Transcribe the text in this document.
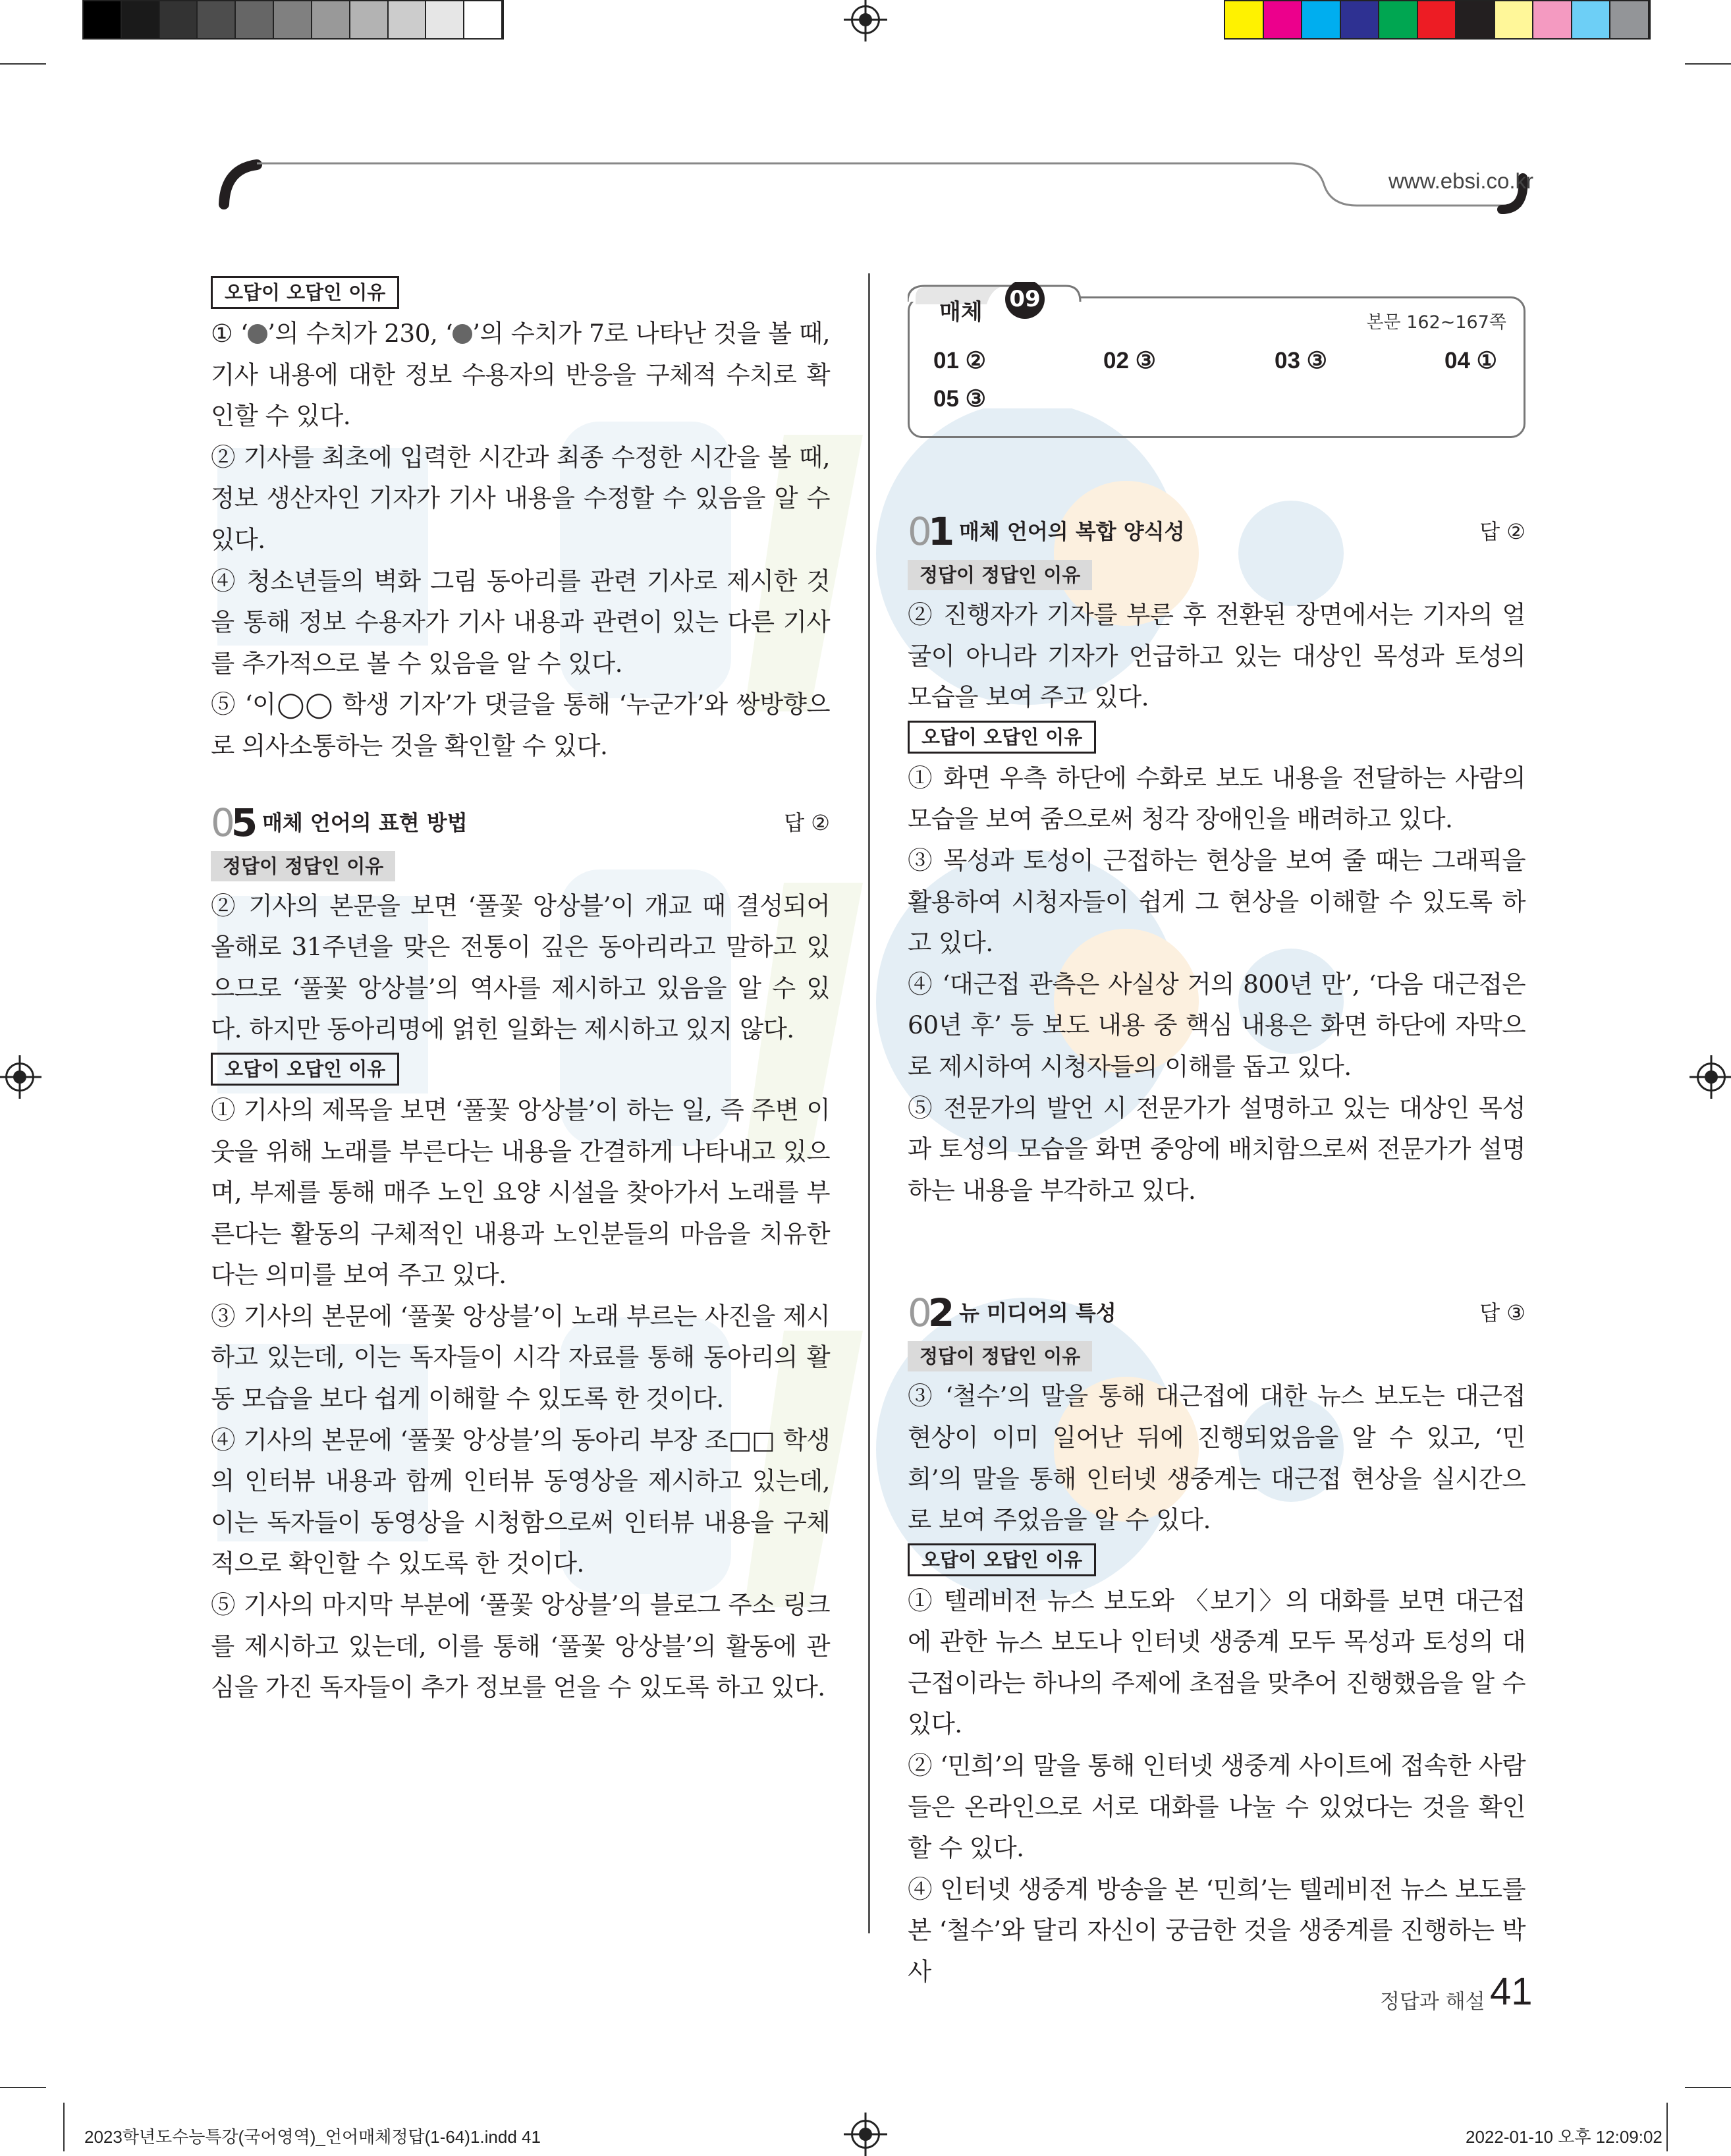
www.ebsi.co.kr
오답이 오답인 이유

① ‘ ’의 수치가 230, ‘ ’의 수치가 7로 나타난 것을 볼 때, 기사 내용에 대한 정보 수용자의 반응을 구체적 수치로 확인할 수 있다.

② 기사를 최초에 입력한 시간과 최종 수정한 시간을 볼 때, 정보 생산자인 기자가 기사 내용을 수정할 수 있음을 알 수 있다.

④ 청소년들의 벽화 그림 동아리를 관련 기사로 제시한 것을 통해 정보 수용자가 기사 내용과 관련이 있는 다른 기사를 추가적으로 볼 수 있음을 알 수 있다.

⑤ ‘이◯◯ 학생 기자’가 댓글을 통해 ‘누군가’와 쌍방향으로 의사소통하는 것을 확인할 수 있다.

05 매체 언어의 표현 방법	답 ②
정답이 정답인 이유

② 기사의 본문을 보면 ‘풀꽃 앙상블’이 개교 때 결성되어 올해로 31주년을 맞은 전통이 깊은 동아리라고 말하고 있으므로 ‘풀꽃 앙상블’의 역사를 제시하고 있음을 알 수 있다. 하지만 동아리명에 얽힌 일화는 제시하고 있지 않다.

오답이 오답인 이유

① 기사의 제목을 보면 ‘풀꽃 앙상블’이 하는 일, 즉 주변 이웃을 위해 노래를 부른다는 내용을 간결하게 나타내고 있으며, 부제를 통해 매주 노인 요양 시설을 찾아가서 노래를 부른다는 활동의 구체적인 내용과 노인분들의 마음을 치유한다는 의미를 보여 주고 있다.

③ 기사의 본문에 ‘풀꽃 앙상블’이 노래 부르는 사진을 제시하고 있는데, 이는 독자들이 시각 자료를 통해 동아리의 활동 모습을 보다 쉽게 이해할 수 있도록 한 것이다.

④ 기사의 본문에 ‘풀꽃 앙상블’의 동아리 부장 조□□ 학생의 인터뷰 내용과 함께 인터뷰 동영상을 제시하고 있는데, 이는 독자들이 동영상을 시청함으로써 인터뷰 내용을 구체적으로 확인할 수 있도록 한 것이다.

⑤ 기사의 마지막 부분에 ‘풀꽃 앙상블’의 블로그 주소 링크를 제시하고 있는데, 이를 통해 ‘풀꽃 앙상블’의 활동에 관심을 가진 독자들이 추가 정보를 얻을 수 있도록 하고 있다.

01 ②	02 ③	03 ③	04 ①
05 ③
본문 162~167쪽
매체 09
01 매체 언어의 복합 양식성	답 ②
정답이 정답인 이유

② 진행자가 기자를 부른 후 전환된 장면에서는 기자의 얼굴이 아니라 기자가 언급하고 있는 대상인 목성과 토성의 모습을 보여 주고 있다.

오답이 오답인 이유

① 화면 우측 하단에 수화로 보도 내용을 전달하는 사람의 모습을 보여 줌으로써 청각 장애인을 배려하고 있다.

③ 목성과 토성이 근접하는 현상을 보여 줄 때는 그래픽을 활용하여 시청자들이 쉽게 그 현상을 이해할 수 있도록 하고 있다.

④ ‘대근접 관측은 사실상 거의 800년 만’, ‘다음 대근접은 60년 후’ 등 보도 내용 중 핵심 내용은 화면 하단에 자막으로 제시하여 시청자들의 이해를 돕고 있다.

⑤ 전문가의 발언 시 전문가가 설명하고 있는 대상인 목성과 토성의 모습을 화면 중앙에 배치함으로써 전문가가 설명하는 내용을 부각하고 있다.

02 뉴 미디어의 특성	답 ③
정답이 정답인 이유

③ ‘철수’의 말을 통해 대근접에 대한 뉴스 보도는 대근접 현상이 이미 일어난 뒤에 진행되었음을 알 수 있고, ‘민희’의 말을 통해 인터넷 생중계는 대근접 현상을 실시간으로 보여 주었음을 알 수 있다.

오답이 오답인 이유

① 텔레비전 뉴스 보도와 〈보기〉의 대화를 보면 대근접에 관한 뉴스 보도나 인터넷 생중계 모두 목성과 토성의 대근접이라는 하나의 주제에 초점을 맞추어 진행했음을 알 수 있다.

② ‘민희’의 말을 통해 인터넷 생중계 사이트에 접속한 사람들은 온라인으로 서로 대화를 나눌 수 있었다는 것을 확인할 수 있다.

④ 인터넷 생중계 방송을 본 ‘민희’는 텔레비전 뉴스 보도를 본 ‘철수’와 달리 자신이 궁금한 것을 생중계를 진행하는 박사

정답과 해설 41
2023학년도수능특강(국어영역)_언어매체정답(1-64)1.indd 41	2022-01-10 오후 12:09:02
